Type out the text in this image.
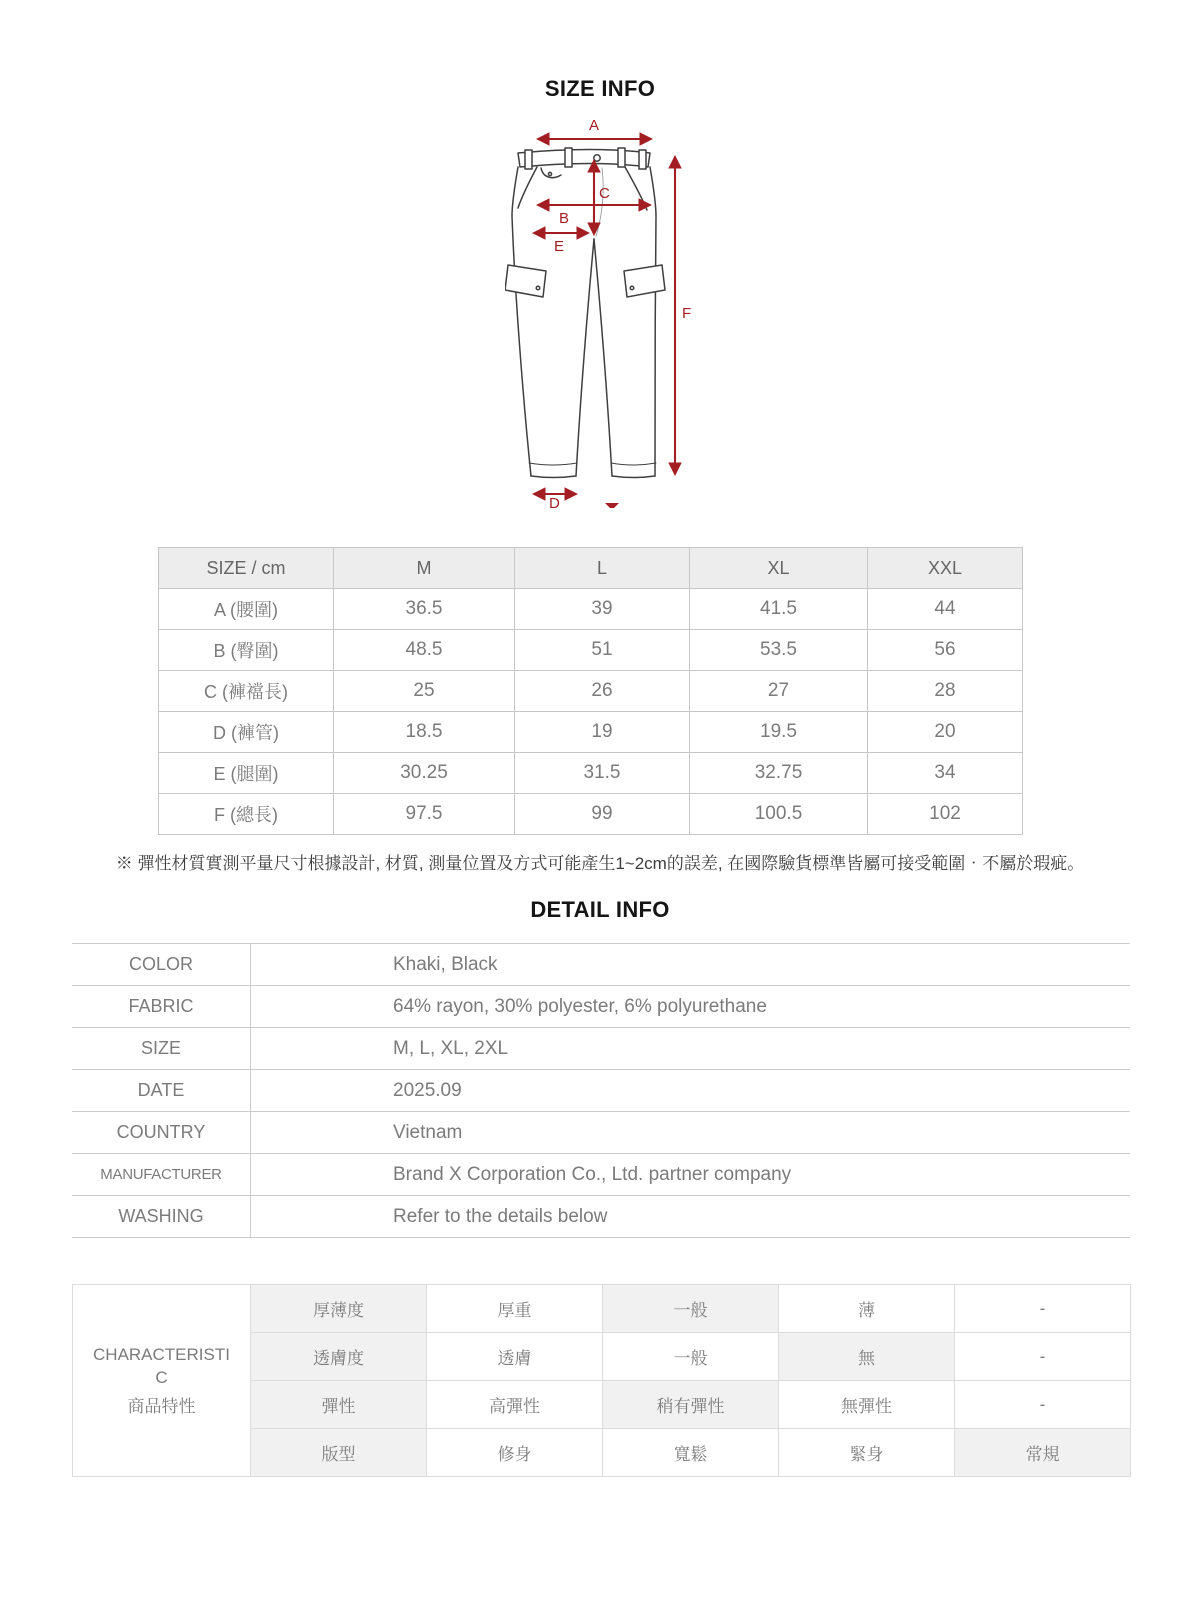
SIZE INFO
A
B
C
D
E
F
SIZE / cm	M	L	XL	XXL
A (腰圍)	36.5	39	41.5	44
B (臀圍)	48.5	51	53.5	56
C (褲襠長)	25	26	27	28
D (褲管)	18.5	19	19.5	20
E (腿圍)	30.25	31.5	32.75	34
F (總長)	97.5	99	100.5	102

※ 彈性材質實測平量尺寸根據設計, 材質, 測量位置及方式可能產生1~2cm的誤差, 在國際驗貨標準皆屬可接受範圍‧不屬於瑕疵。

DETAIL INFO
COLOR	Khaki, Black
FABRIC	64% rayon, 30% polyester, 6% polyurethane
SIZE	M, L, XL, 2XL
DATE	2025.09
COUNTRY	Vietnam
MANUFACTURER	Brand X Corporation Co., Ltd. partner company
WASHING	Refer to the details below
CHARACTERISTIC
商品特性	厚薄度	厚重	一般	薄	-
	透膚度	透膚	一般	無	-
	彈性	高彈性	稍有彈性	無彈性	-
	版型	修身	寬鬆	緊身	常規
